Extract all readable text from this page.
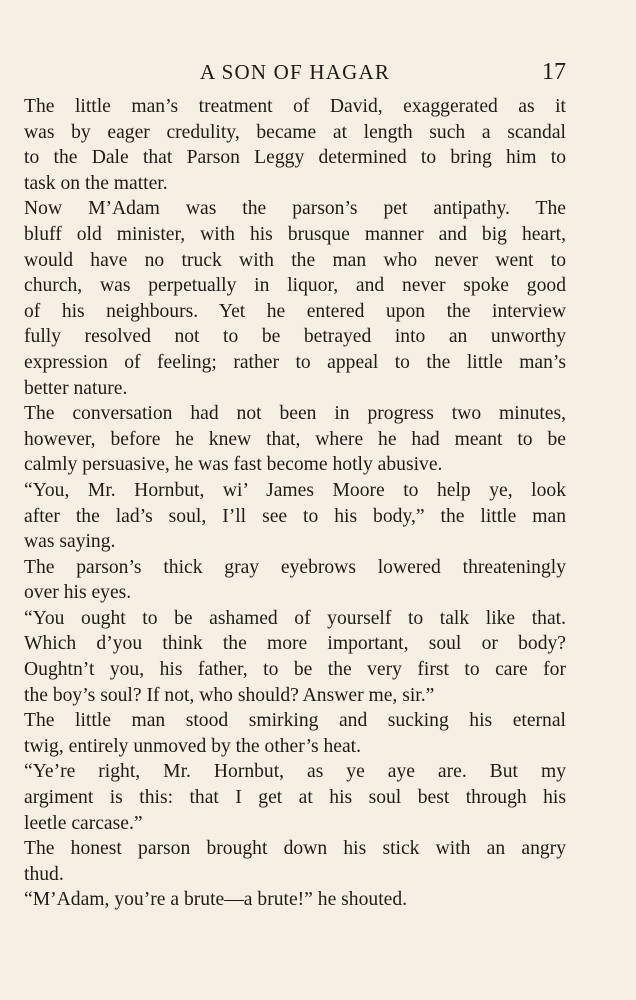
A SON OF HAGAR	17
The little man’s treatment of David, exaggerated as it
was by eager credulity, became at length such a scandal
to the Dale that Parson Leggy determined to bring him to
task on the matter.
Now M’Adam was the parson’s pet antipathy. The
bluff old minister, with his brusque manner and big heart,
would have no truck with the man who never went to
church, was perpetually in liquor, and never spoke good
of his neighbours. Yet he entered upon the interview
fully resolved not to be betrayed into an unworthy
expression of feeling; rather to appeal to the little man’s
better nature.
The conversation had not been in progress two minutes,
however, before he knew that, where he had meant to be
calmly persuasive, he was fast become hotly abusive.
“You, Mr. Hornbut, wi’ James Moore to help ye, look
after the lad’s soul, I’ll see to his body,” the little man
was saying.
The parson’s thick gray eyebrows lowered threateningly
over his eyes.
“You ought to be ashamed of yourself to talk like that.
Which d’you think the more important, soul or body?
Oughtn’t you, his father, to be the very first to care for
the boy’s soul? If not, who should? Answer me, sir.”
The little man stood smirking and sucking his eternal
twig, entirely unmoved by the other’s heat.
“Ye’re right, Mr. Hornbut, as ye aye are. But my
argiment is this: that I get at his soul best through his
leetle carcase.”
The honest parson brought down his stick with an angry
thud.
“M’Adam, you’re a brute—a brute!” he shouted.
